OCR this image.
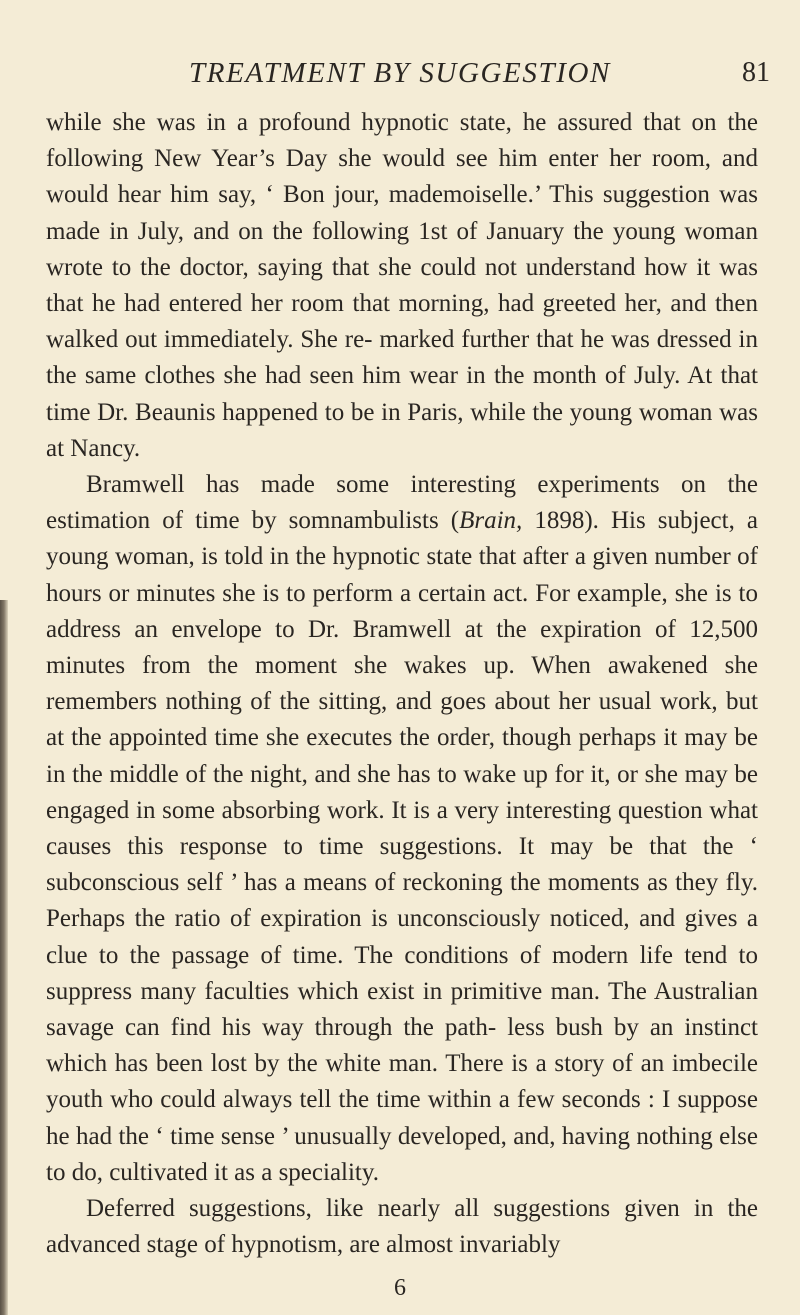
TREATMENT BY SUGGESTION	81

while she was in a profound hypnotic state, he assured that on the following New Year’s Day she would see him enter her room, and would hear him say, ‘ Bon jour, mademoiselle.’ This suggestion was made in July, and on the following 1st of January the young woman wrote to the doctor, saying that she could not understand how it was that he had entered her room that morning, had greeted her, and then walked out immediately. She re- marked further that he was dressed in the same clothes she had seen him wear in the month of July. At that time Dr. Beaunis happened to be in Paris, while the young woman was at Nancy.

Bramwell has made some interesting experiments on the estimation of time by somnambulists (Brain, 1898). His subject, a young woman, is told in the hypnotic state that after a given number of hours or minutes she is to perform a certain act. For example, she is to address an envelope to Dr. Bramwell at the expiration of 12,500 minutes from the moment she wakes up. When awakened she remembers nothing of the sitting, and goes about her usual work, but at the appointed time she executes the order, though perhaps it may be in the middle of the night, and she has to wake up for it, or she may be engaged in some absorbing work. It is a very interesting question what causes this response to time suggestions. It may be that the ‘ subconscious self ’ has a means of reckoning the moments as they fly. Perhaps the ratio of expiration is unconsciously noticed, and gives a clue to the passage of time. The conditions of modern life tend to suppress many faculties which exist in primitive man. The Australian savage can find his way through the path- less bush by an instinct which has been lost by the white man. There is a story of an imbecile youth who could always tell the time within a few seconds : I suppose he had the ‘ time sense ’ unusually developed, and, having nothing else to do, cultivated it as a speciality.

Deferred suggestions, like nearly all suggestions given in the advanced stage of hypnotism, are almost invariably

6
